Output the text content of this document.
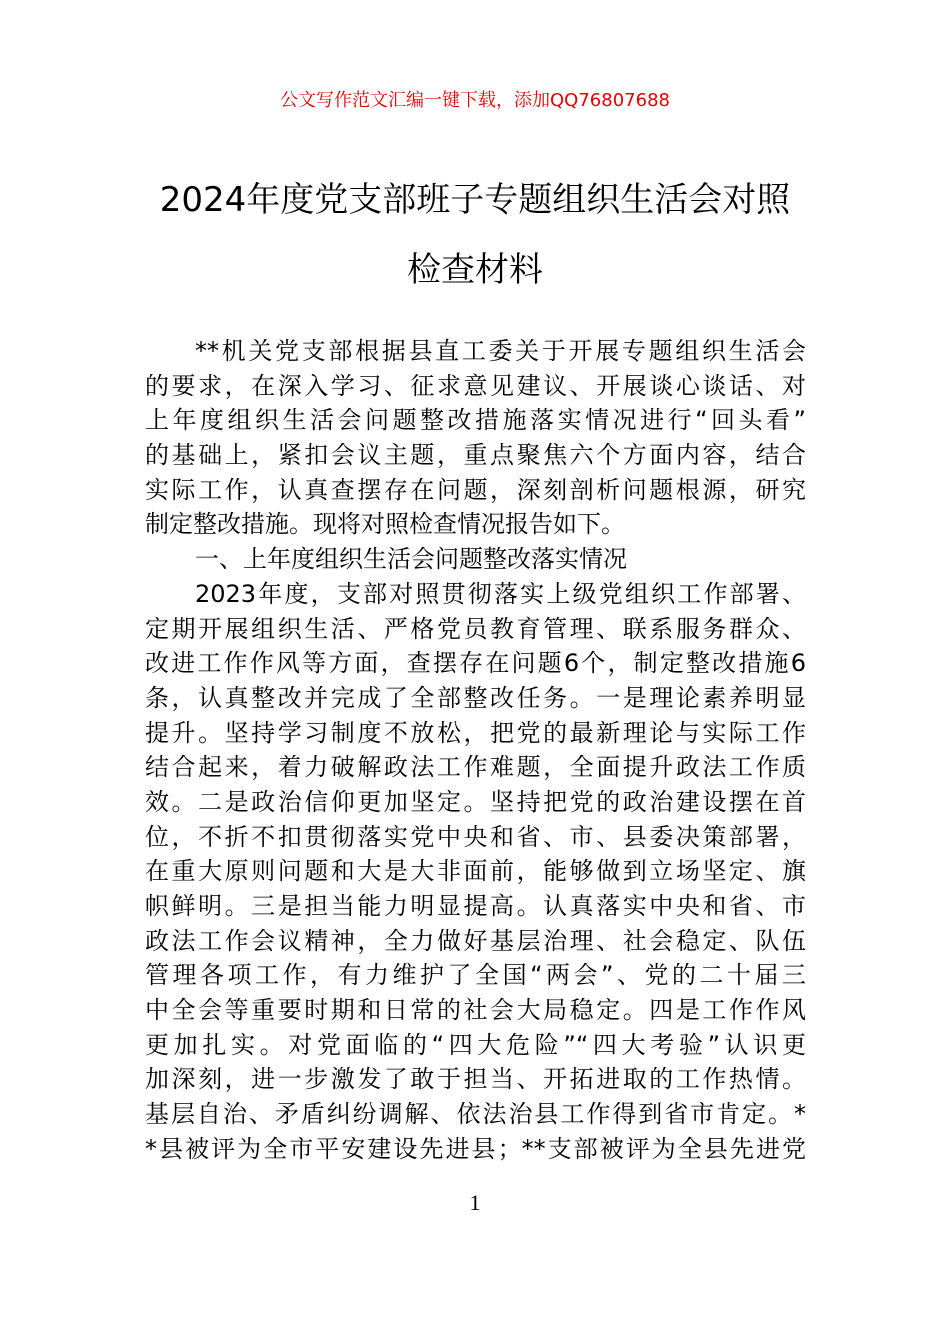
公文写作范文汇编一键下载，添加QQ76807688
2024年度党支部班子专题组织生活会对照
检查材料
**机关党支部根据县直工委关于开展专题组织生活会
的要求，在深入学习、征求意见建议、开展谈心谈话、对
上年度组织生活会问题整改措施落实情况进行“回头看”
的基础上，紧扣会议主题，重点聚焦六个方面内容，结合
实际工作，认真查摆存在问题，深刻剖析问题根源，研究
制定整改措施。现将对照检查情况报告如下。
一、上年度组织生活会问题整改落实情况
2023年度，支部对照贯彻落实上级党组织工作部署、
定期开展组织生活、严格党员教育管理、联系服务群众、
改进工作作风等方面，查摆存在问题6个，制定整改措施6
条，认真整改并完成了全部整改任务。一是理论素养明显
提升。坚持学习制度不放松，把党的最新理论与实际工作
结合起来，着力破解政法工作难题，全面提升政法工作质
效。二是政治信仰更加坚定。坚持把党的政治建设摆在首
位，不折不扣贯彻落实党中央和省、市、县委决策部署，
在重大原则问题和大是大非面前，能够做到立场坚定、旗
帜鲜明。三是担当能力明显提高。认真落实中央和省、市
政法工作会议精神，全力做好基层治理、社会稳定、队伍
管理各项工作，有力维护了全国“两会”、党的二十届三
中全会等重要时期和日常的社会大局稳定。四是工作作风
更加扎实。对党面临的“四大危险”“四大考验”认识更
加深刻，进一步激发了敢于担当、开拓进取的工作热情。
基层自治、矛盾纠纷调解、依法治县工作得到省市肯定。*
*县被评为全市平安建设先进县；**支部被评为全县先进党
1
